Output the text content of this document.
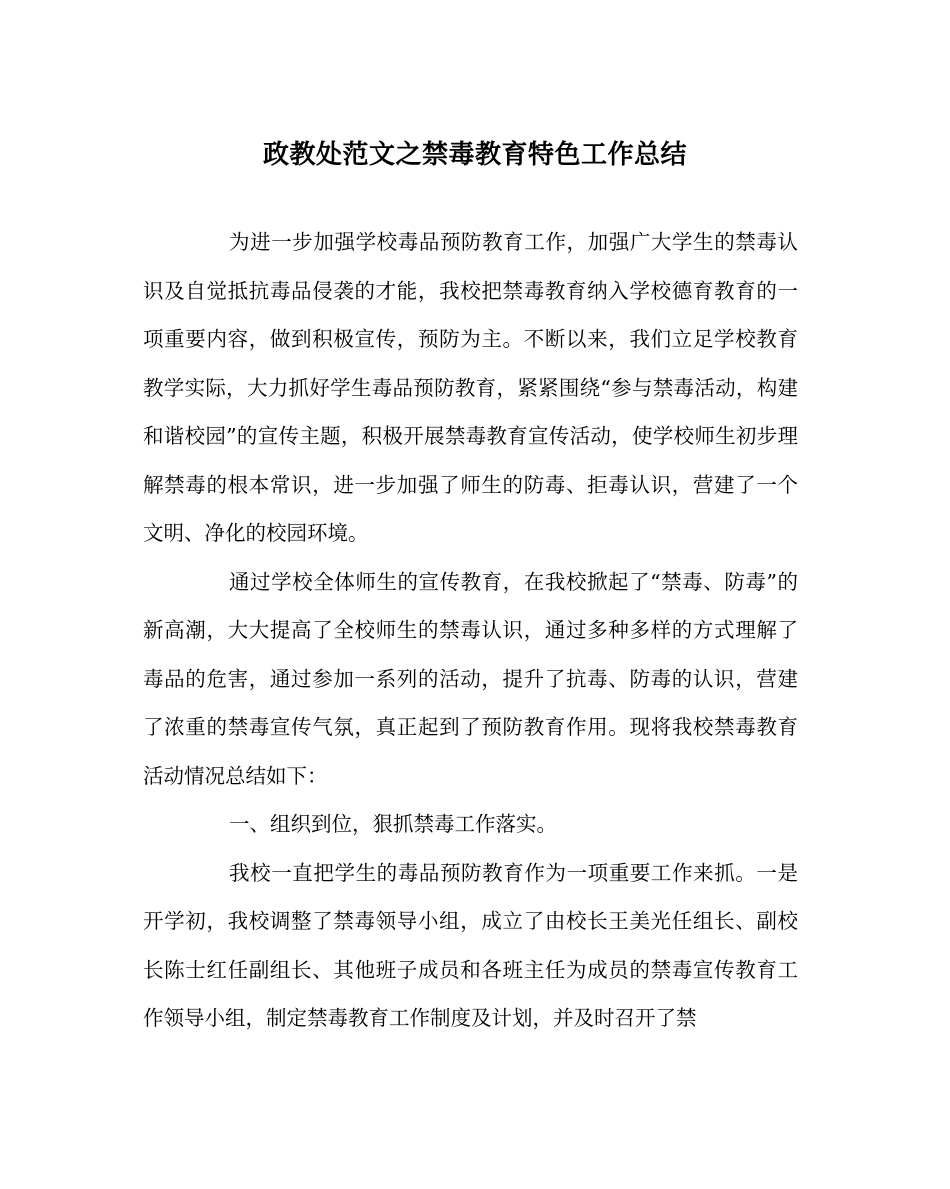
政教处范文之禁毒教育特色工作总结

为进一步加强学校毒品预防教育工作，加强广大学生的禁毒认识及自觉抵抗毒品侵袭的才能，我校把禁毒教育纳入学校德育教育的一项重要内容，做到积极宣传，预防为主。不断以来，我们立足学校教育教学实际，大力抓好学生毒品预防教育，紧紧围绕“参与禁毒活动，构建和谐校园”的宣传主题，积极开展禁毒教育宣传活动，使学校师生初步理解禁毒的根本常识，进一步加强了师生的防毒、拒毒认识，营建了一个文明、净化的校园环境。

通过学校全体师生的宣传教育，在我校掀起了“禁毒、防毒”的新高潮，大大提高了全校师生的禁毒认识，通过多种多样的方式理解了毒品的危害，通过参加一系列的活动，提升了抗毒、防毒的认识，营建了浓重的禁毒宣传气氛，真正起到了预防教育作用。现将我校禁毒教育活动情况总结如下：

一、组织到位，狠抓禁毒工作落实。

我校一直把学生的毒品预防教育作为一项重要工作来抓。一是开学初，我校调整了禁毒领导小组，成立了由校长王美光任组长、副校长陈士红任副组长、其他班子成员和各班主任为成员的禁毒宣传教育工作领导小组，制定禁毒教育工作制度及计划，并及时召开了禁
